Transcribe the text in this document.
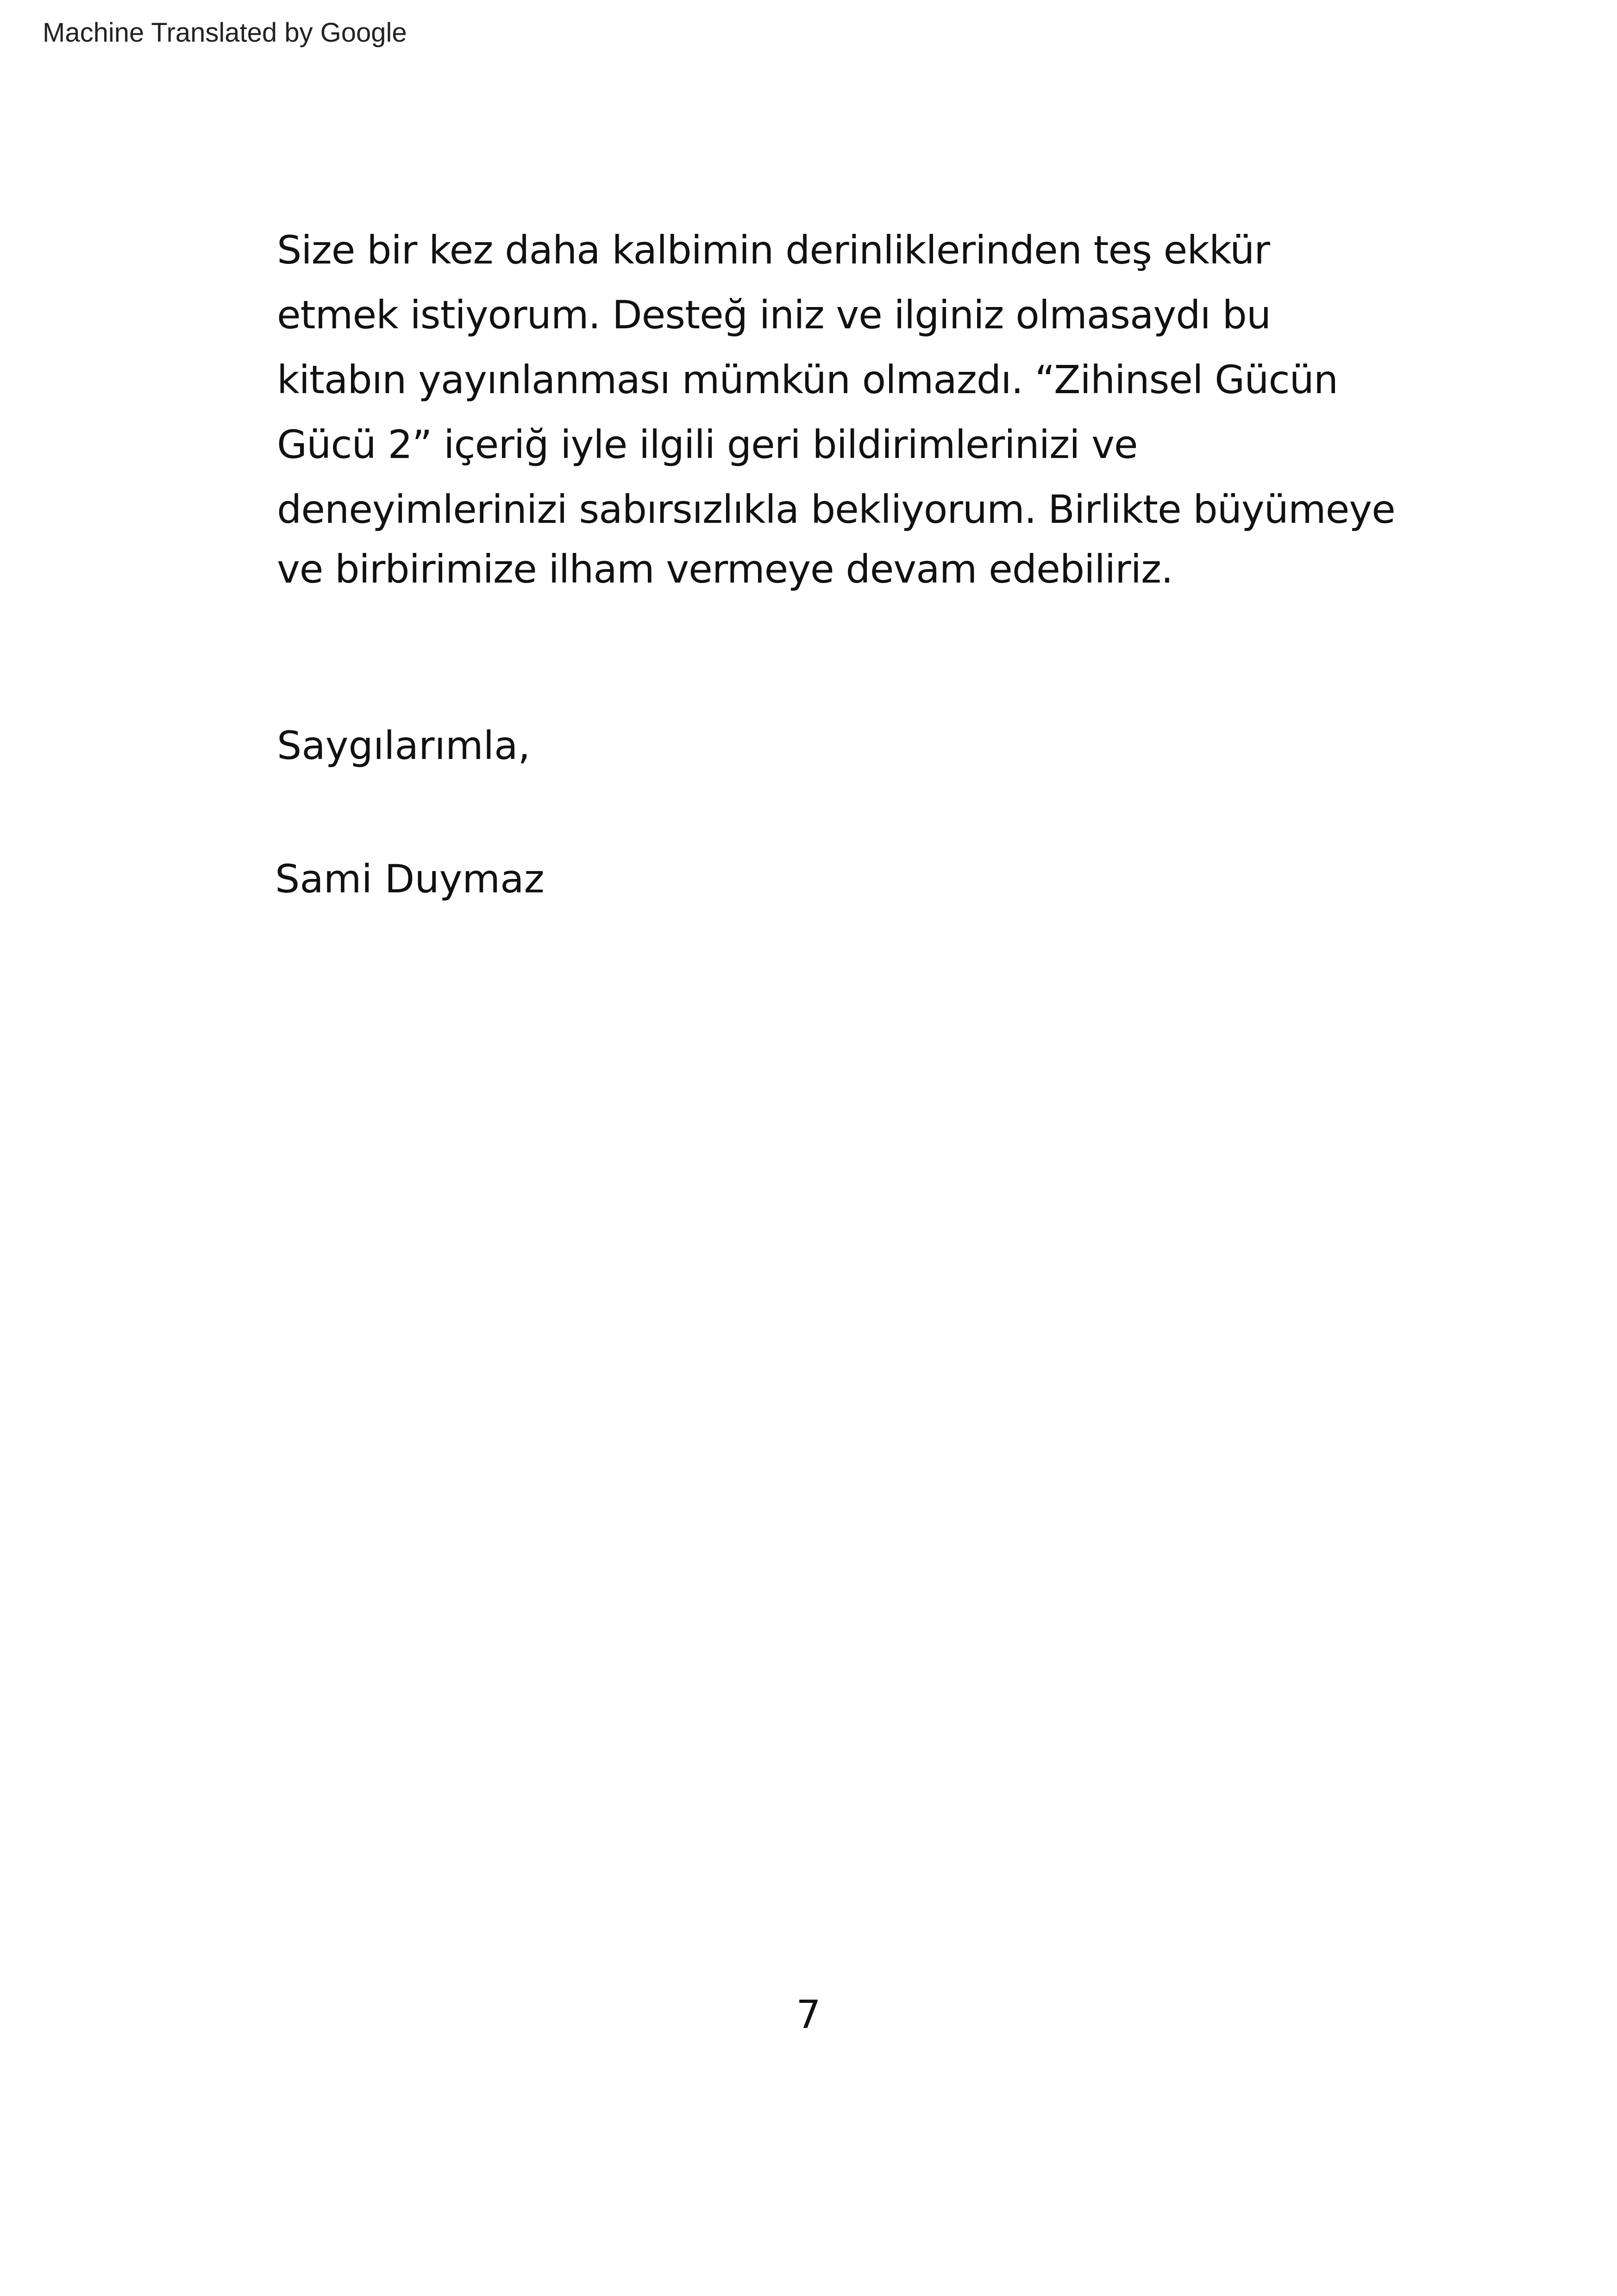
Machine Translated by Google
Size bir kez daha kalbimin derinliklerinden teş ekkür
etmek istiyorum. Desteğ iniz ve ilginiz olmasaydı bu
kitabın yayınlanması mümkün olmazdı. “Zihinsel Gücün
Gücü 2” içeriğ iyle ilgili geri bildirimlerinizi ve
deneyimlerinizi sabırsızlıkla bekliyorum. Birlikte büyümeye
ve birbirimize ilham vermeye devam edebiliriz.
Saygılarımla,
Sami Duymaz
7
